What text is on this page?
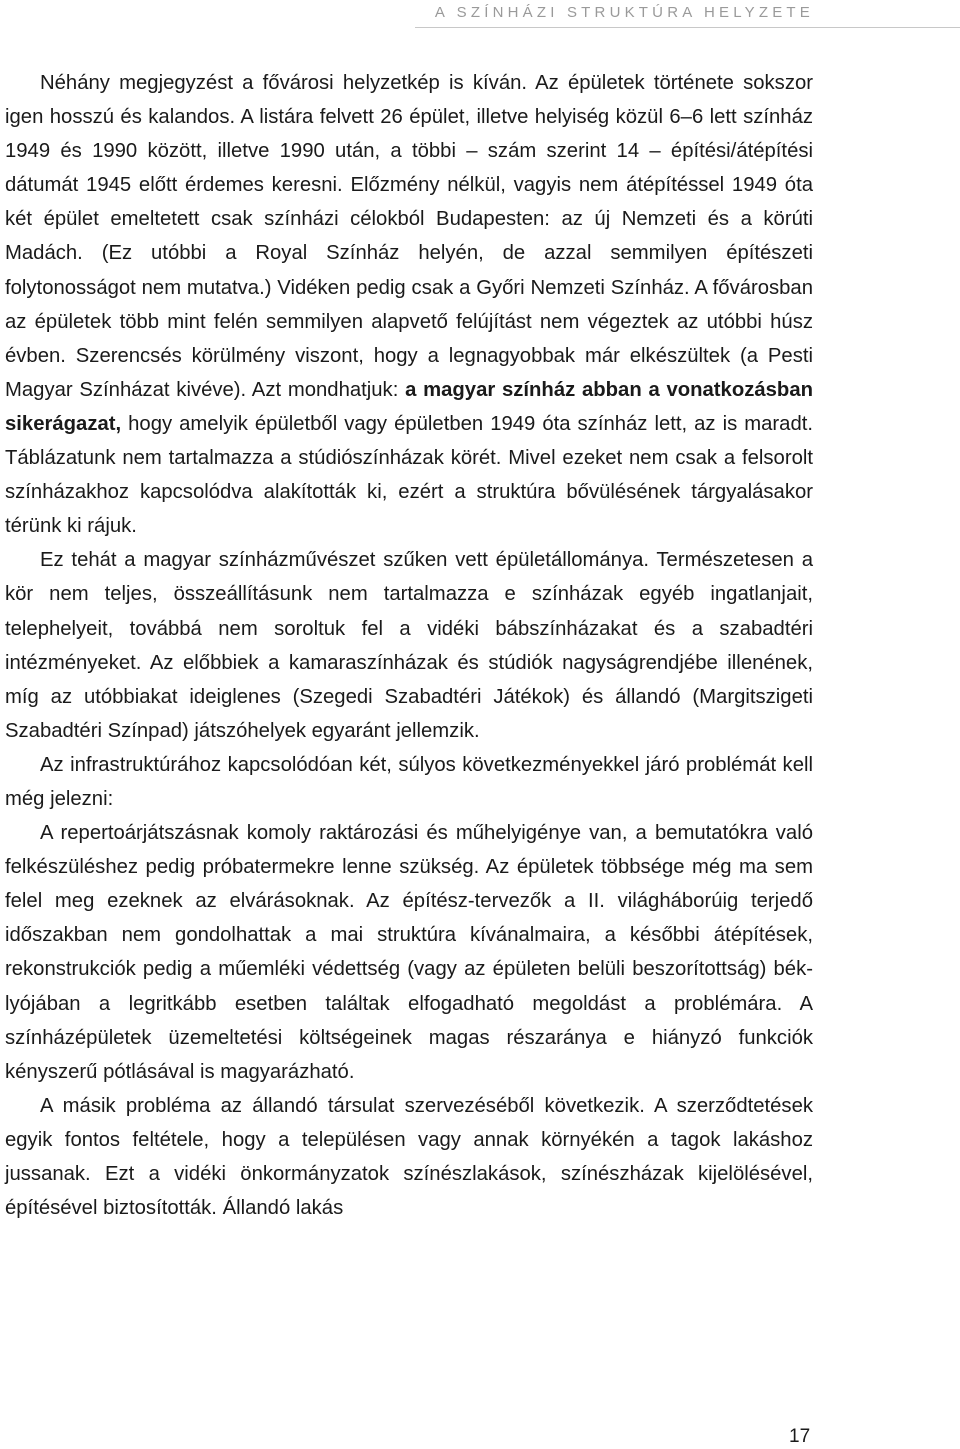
A SZÍNHÁZI STRUKTÚRA HELYZETE

Néhány megjegyzést a fővárosi helyzetkép is kíván. Az épületek története sokszor igen hosszú és kalandos. A listára felvett 26 épület, illetve helyiség közül 6–6 lett színház 1949 és 1990 között, illetve 1990 után, a többi – szám szerint 14 – építési/átépítési dátumát 1945 előtt érdemes keresni. Előzmény nélkül, vagyis nem átépítéssel 1949 óta két épület emeltetett csak színházi célokból Budapesten: az új Nemzeti és a körúti Madách. (Ez utóbbi a Royal Színház helyén, de azzal semmilyen építészeti folytonosságot nem mutatva.) Vidéken pedig csak a Győri Nemzeti Színház. A fővárosban az épületek több mint felén semmilyen alapvető felújítást nem végeztek az utóbbi húsz évben. Szerencsés körülmény viszont, hogy a legnagyobbak már elkészültek (a Pesti Magyar Színházat kivéve). Azt mondhatjuk: a magyar színház abban a vonatkozásban sikerágazat, hogy amelyik épületből vagy épületben 1949 óta színház lett, az is maradt. Táblázatunk nem tartalmazza a stúdiószínházak körét. Mivel ezeket nem csak a felsorolt színházakhoz kapcsolódva alakították ki, ezért a struktúra bővülésének tárgyalásakor térünk ki rájuk.

Ez tehát a magyar színházművészet szűken vett épületállománya. Természetesen a kör nem teljes, összeállításunk nem tartalmazza e színházak egyéb ingatlanjait, telephelyeit, továbbá nem soroltuk fel a vidéki bábszínházakat és a szabadtéri intézményeket. Az előbbiek a kamaraszínházak és stúdiók nagyságrendjébe illenének, míg az utóbbiakat ideiglenes (Szegedi Szabadtéri Játékok) és állandó (Margitszigeti Szabadtéri Színpad) játszóhelyek egyaránt jellemzik.

Az infrastruktúrához kapcsolódóan két, súlyos következményekkel járó problémát kell még jelezni:

A repertoárjátszásnak komoly raktározási és műhelyigénye van, a bemutatókra való felkészüléshez pedig próbatermekre lenne szükség. Az épületek többsége még ma sem felel meg ezeknek az elvárásoknak. Az építész-tervezők a II. világháborúig terjedő időszakban nem gondolhattak a mai struktúra kívánalmaira, a későbbi átépítések, rekonstrukciók pedig a műemléki védettség (vagy az épületen belüli beszorítottság) béklyójában a legritkább esetben találtak elfogadható megoldást a problémára. A színházépületek üzemeltetési költségeinek magas részaránya e hiányzó funkciók kényszerű pótlásával is magyarázható.

A másik probléma az állandó társulat szervezéséből következik. A szerződtetések egyik fontos feltétele, hogy a településen vagy annak környékén a tagok lakáshoz jussanak. Ezt a vidéki önkormányzatok színészlakások, színészházak kijelölésével, építésével biztosították. Állandó lakás

17
